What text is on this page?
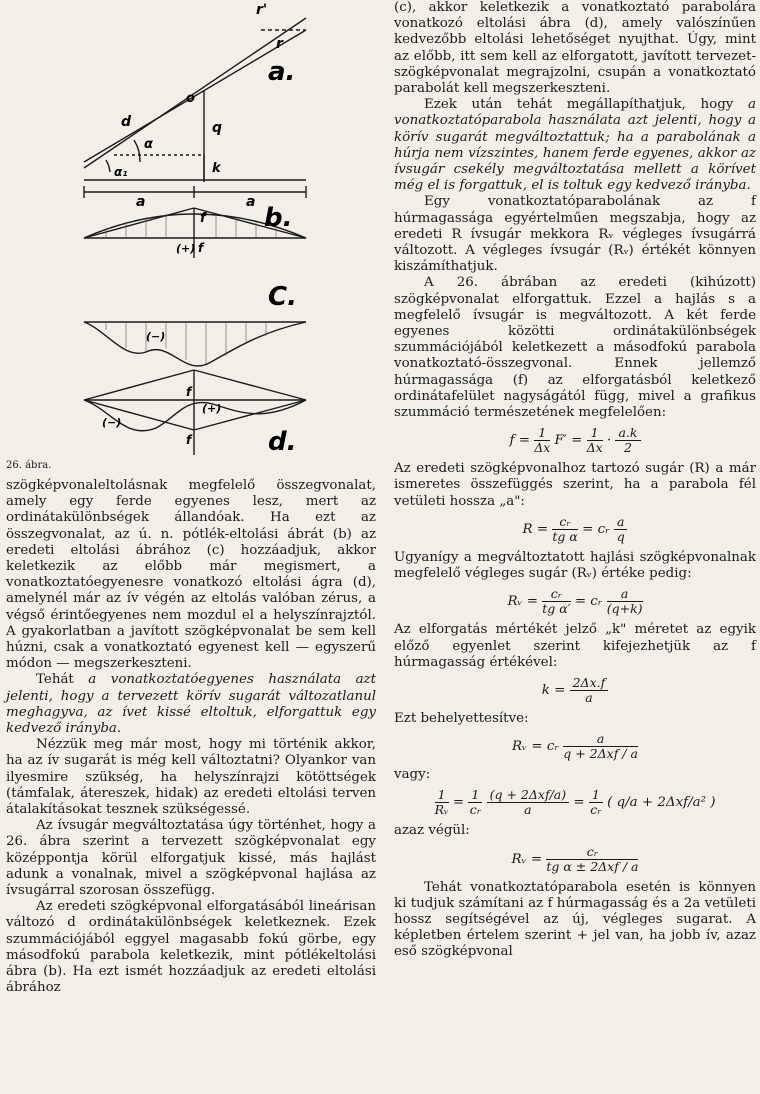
a.
b.
C.
d.
r'
r
o
d
α
α₁
q
k
a	a
f
f
(+)
(−)
f
f
(+)
(−)
26. ábra.

szögképvonaleltolásnak megfelelő összegvonalat, amely egy ferde egyenes lesz, mert az ordinátakülönbségek állandóak. Ha ezt az összegvonalat, az ú. n. pótlék-eltolási ábrát (b) az eredeti eltolási ábrához (c) hozzáadjuk, akkor keletkezik az előbb már megismert, a vonatkoztatóegyenesre vonatkozó eltolási ágra (d), amelynél már az ív végén az eltolás valóban zérus, a végső érintőegyenes nem mozdul el a helyszínrajztól. A gyakorlatban a javított szögképvonalat be sem kell húzni, csak a vonatkoztató egyenest kell — egyszerű módon — megszerkeszteni.

Tehát a vonatkoztatóegyenes használata azt jelenti, hogy a tervezett körív sugarát változatlanul meghagyva, az ívet kissé eltoltuk, elforgattuk egy kedvező irányba.

Nézzük meg már most, hogy mi történik akkor, ha az ív sugarát is még kell változtatni? Olyankor van ilyesmire szükség, ha helyszínrajzi kötöttségek (támfalak, átereszek, hidak) az eredeti eltolási terven átalakításokat tesznek szükségessé.

Az ívsugár megváltoztatása úgy történhet, hogy a 26. ábra szerint a tervezett szögképvonalat egy középpontja körül elforgatjuk kissé, más hajlást adunk a vonalnak, mivel a szögképvonal hajlása az ívsugárral szorosan összefügg.

Az eredeti szögképvonal elforgatásából lineárisan változó d ordinátakülönbségek keletkeznek. Ezek szummációjából eggyel magasabb fokú görbe, egy másodfokú parabola keletkezik, mint pótlékeltolási ábra (b). Ha ezt ismét hozzáadjuk az eredeti eltolási ábrához

(c), akkor keletkezik a vonatkoztató parabolára vonatkozó eltolási ábra (d), amely valószínűen kedvezőbb eltolási lehetőséget nyujthat. Úgy, mint az előbb, itt sem kell az elforgatott, javított tervezet-szögképvonalat megrajzolni, csupán a vonatkoztató parabolát kell megszerkeszteni.

Ezek után tehát megállapíthatjuk, hogy a vonatkoztatóparabola használata azt jelenti, hogy a körív sugarát megváltoztattuk; ha a parabolának a húrja nem vízszintes, hanem ferde egyenes, akkor az ívsugár csekély megváltoztatása mellett a körívet még el is forgattuk, el is toltuk egy kedvező irányba.

Egy vonatkoztatóparabolának az f húrmagassága egyértelműen megszabja, hogy az eredeti R ívsugár mekkora Rᵥ végleges ívsugárrá változott. A végleges ívsugár (Rᵥ) értékét könnyen kiszámíthatjuk.

A 26. ábrában az eredeti (kihúzott) szögképvonalat elforgattuk. Ezzel a hajlás s a megfelelő ívsugár is megváltozott. A két ferde egyenes közötti ordinátakülönbségek szummációjából keletkezett a másodfokú parabola vonatkoztató-összegvonal. Ennek jellemző húrmagassága (f) az elforgatásból keletkező ordinátafelület nagyságától függ, mivel a grafikus szummáció természetének megfelelően:

$f = \frac{1}{\Delta x} F' = \frac{1}{\Delta x} \cdot \frac{a.k}{2}$

Az eredeti szögképvonalhoz tartozó sugár (R) a már ismeretes összefüggés szerint, ha a parabola fél vetületi hossza „a":

$R = \frac{\text{cᵣ}}{\text{tg α}}$ = cᵣ $\frac{a}{q}$

Ugyanígy a megváltoztatott hajlási szögképvonalnak megfelelő végleges sugár (Rᵥ) értéke pedig:

Rᵥ = $\frac{\text{cᵣ}}{\text{tg α′}}$ = cᵣ $\frac{a}{(q+k)}$

Az elforgatás mértékét jelző „k" méretet az egyik előző egyenlet szerint kifejezhetjük az f húrmagasság értékével:

$k = \frac{2\Delta x.f}{a}$

Ezt behelyettesítve:

Rᵥ = cᵣ $\frac{a}{\text{q + 2Δxf / a}}$

vagy:

$\frac{1}{\text{Rᵥ}} = \frac{1}{\text{cᵣ}}$
$\frac{\text{(q + 2Δxf/a)}}{a} = \frac{1}{\text{cᵣ}}$ ( q/a + 2Δxf/a² )

azaz végül:

Rᵥ = $\frac{\text{cᵣ}}{\text{tg α ± 2Δxf / a}}$

Tehát vonatkoztatóparabola esetén is könnyen ki tudjuk számítani az f húrmagasság és a 2a vetületi hossz segítségével az új, végleges sugarat. A képletben értelem szerint + jel van, ha jobb ív, azaz eső szögképvonal
